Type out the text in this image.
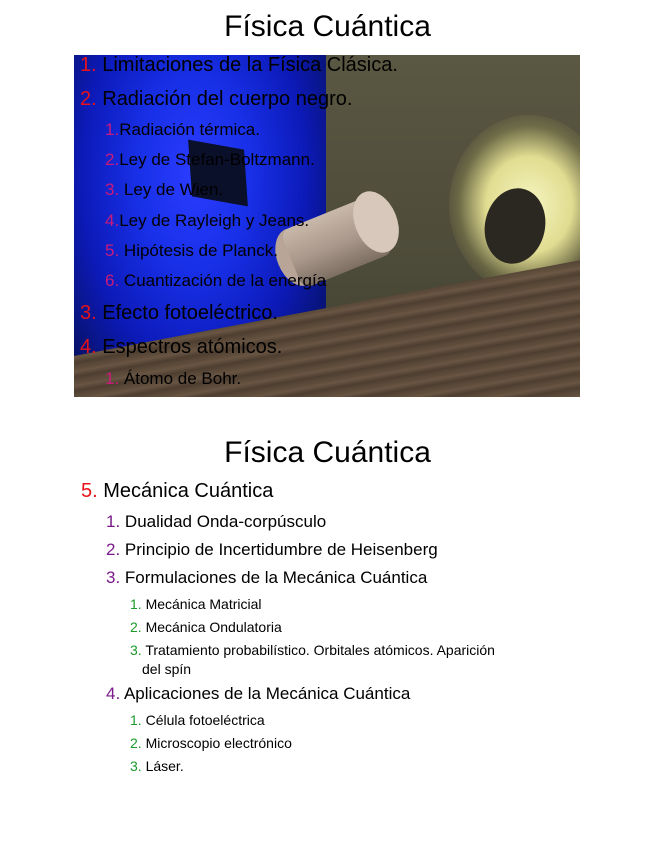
Física Cuántica
1. Limitaciones de la Física Clásica.
2. Radiación del cuerpo negro.
1.Radiación térmica.
2.Ley de Stefan-Boltzmann.
3. Ley de Wien.
4.Ley de Rayleigh y Jeans.
5. Hipótesis de Planck.
6. Cuantización de la energía
3. Efecto fotoeléctrico.
4. Espectros atómicos.
1. Átomo de Bohr.
Física Cuántica
5. Mecánica Cuántica
1. Dualidad Onda-corpúsculo
2. Principio de Incertidumbre de Heisenberg
3. Formulaciones de la Mecánica Cuántica
1. Mecánica Matricial
2. Mecánica Ondulatoria
3. Tratamiento probabilístico. Orbitales atómicos. Aparición
del spín
4. Aplicaciones de la Mecánica Cuántica
1. Célula fotoeléctrica
2. Microscopio electrónico
3. Láser.
